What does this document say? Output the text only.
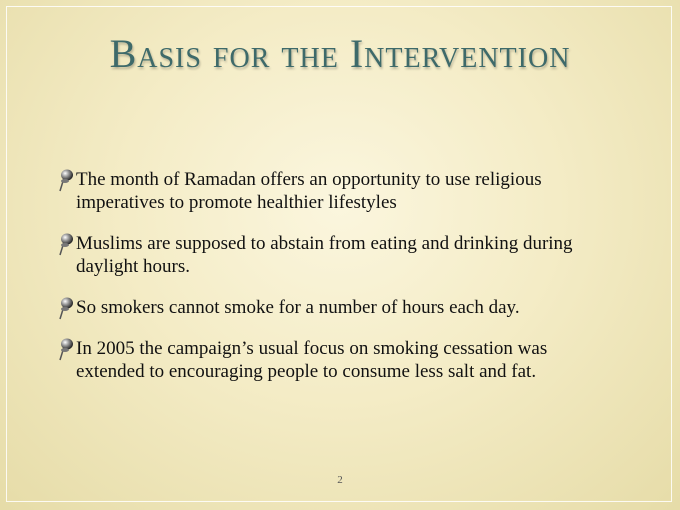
Basis for the Intervention
The month of Ramadan offers an opportunity to use religious imperatives to promote healthier lifestyles
Muslims are supposed to abstain from eating and drinking during daylight hours.
So smokers cannot smoke for a number of hours each day.
In 2005 the campaign’s usual focus on smoking cessation was extended to encouraging people to consume less salt and fat.
2
